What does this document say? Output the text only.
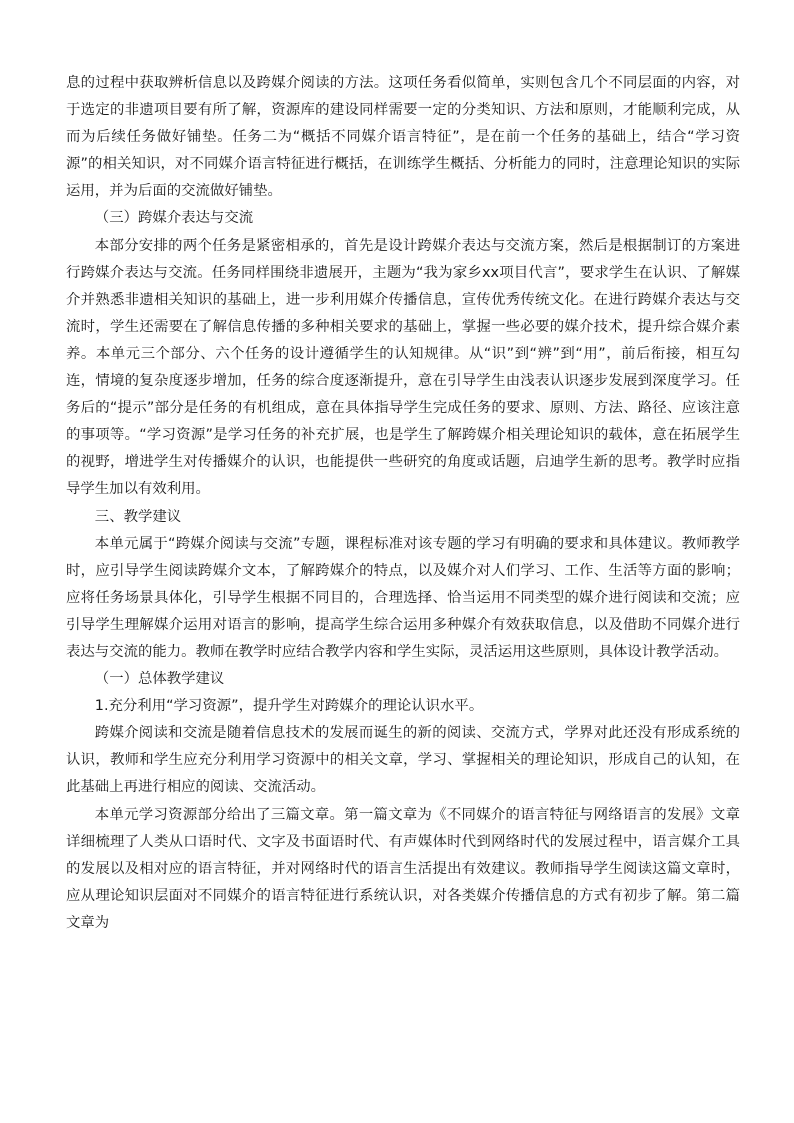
息的过程中获取辨析信息以及跨媒介阅读的方法。这项任务看似简单，实则包含几个不同层面的内容，对于选定的非遗项目要有所了解，资源库的建设同样需要一定的分类知识、方法和原则，才能顺利完成，从而为后续任务做好铺垫。任务二为“概括不同媒介语言特征”，是在前一个任务的基础上，结合“学习资源”的相关知识，对不同媒介语言特征进行概括，在训练学生概括、分析能力的同时，注意理论知识的实际运用，并为后面的交流做好铺垫。

（三）跨媒介表达与交流

本部分安排的两个任务是紧密相承的，首先是设计跨媒介表达与交流方案，然后是根据制订的方案进行跨媒介表达与交流。任务同样围绕非遗展开，主题为“我为家乡xx项目代言”，要求学生在认识、了解媒介并熟悉非遗相关知识的基础上，进一步利用媒介传播信息，宣传优秀传统文化。在进行跨媒介表达与交流时，学生还需要在了解信息传播的多种相关要求的基础上，掌握一些必要的媒介技术，提升综合媒介素养。本单元三个部分、六个任务的设计遵循学生的认知规律。从“识”到“辨”到“用”，前后衔接，相互勾连，情境的复杂度逐步增加，任务的综合度逐渐提升，意在引导学生由浅表认识逐步发展到深度学习。任务后的“提示”部分是任务的有机组成，意在具体指导学生完成任务的要求、原则、方法、路径、应该注意的事项等。“学习资源”是学习任务的补充扩展，也是学生了解跨媒介相关理论知识的载体，意在拓展学生的视野，增进学生对传播媒介的认识，也能提供一些研究的角度或话题，启迪学生新的思考。教学时应指导学生加以有效利用。

三、教学建议

本单元属于“跨媒介阅读与交流”专题，课程标准对该专题的学习有明确的要求和具体建议。教师教学时，应引导学生阅读跨媒介文本，了解跨媒介的特点，以及媒介对人们学习、工作、生活等方面的影响；应将任务场景具体化，引导学生根据不同目的，合理选择、恰当运用不同类型的媒介进行阅读和交流；应引导学生理解媒介运用对语言的影响，提高学生综合运用多种媒介有效获取信息，以及借助不同媒介进行表达与交流的能力。教师在教学时应结合教学内容和学生实际，灵活运用这些原则，具体设计教学活动。

（一）总体教学建议

1.充分利用“学习资源”，提升学生对跨媒介的理论认识水平。

跨媒介阅读和交流是随着信息技术的发展而诞生的新的阅读、交流方式，学界对此还没有形成系统的认识，教师和学生应充分利用学习资源中的相关文章，学习、掌握相关的理论知识，形成自己的认知，在此基础上再进行相应的阅读、交流活动。

本单元学习资源部分给出了三篇文章。第一篇文章为《不同媒介的语言特征与网络语言的发展》文章详细梳理了人类从口语时代、文字及书面语时代、有声媒体时代到网络时代的发展过程中，语言媒介工具的发展以及相对应的语言特征，并对网络时代的语言生活提出有效建议。教师指导学生阅读这篇文章时，应从理论知识层面对不同媒介的语言特征进行系统认识，对各类媒介传播信息的方式有初步了解。第二篇文章为
